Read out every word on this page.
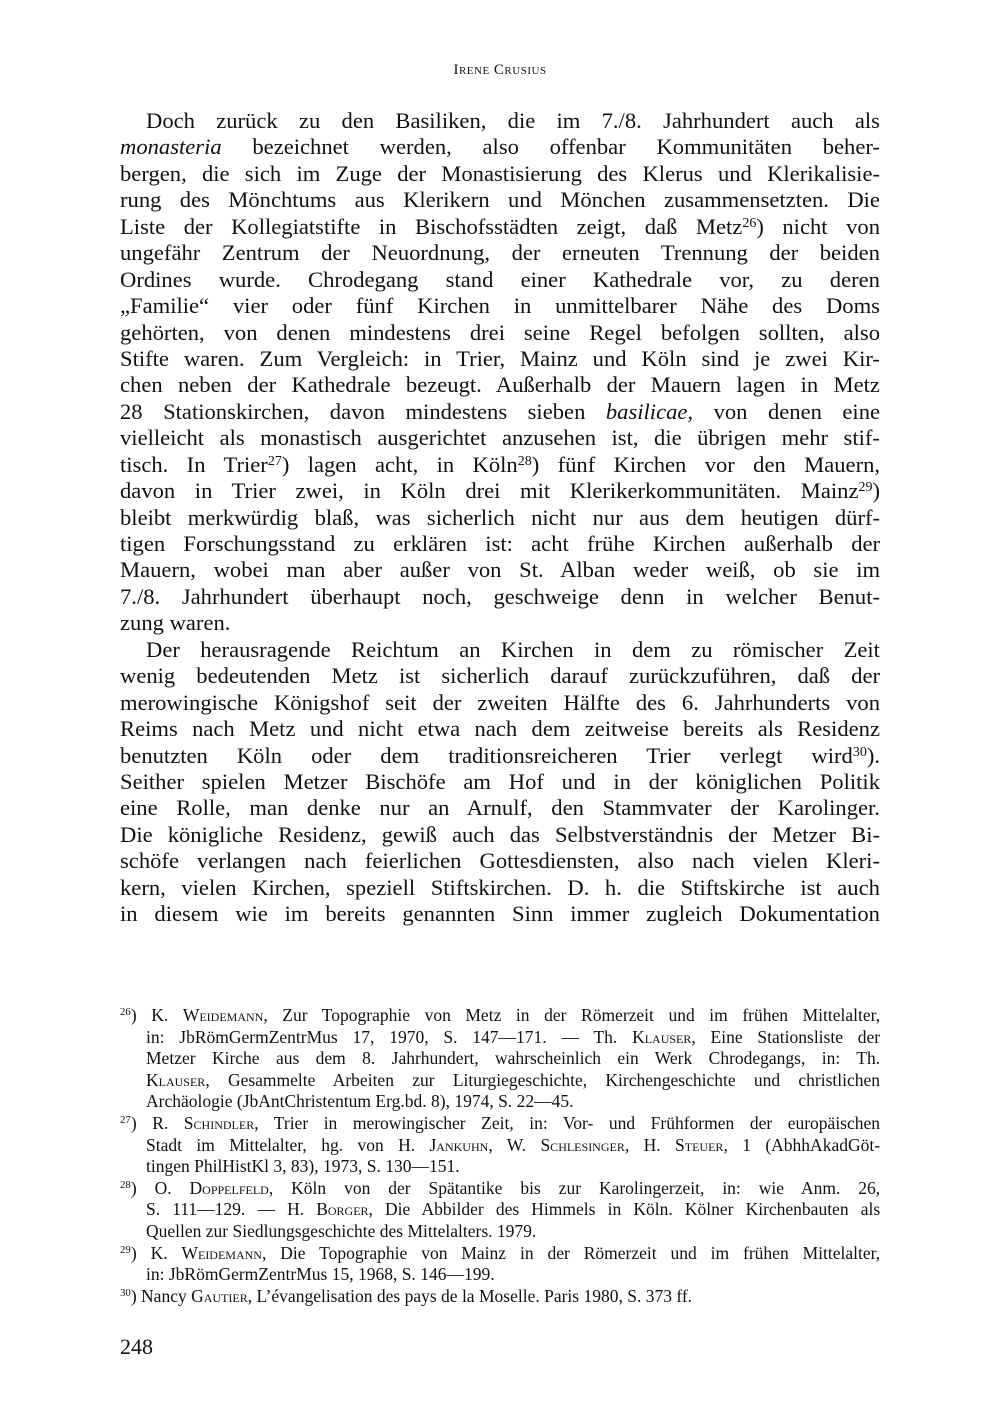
Irene Crusius
Doch zurück zu den Basiliken, die im 7./8. Jahrhundert auch als
monasteria bezeichnet werden, also offenbar Kommunitäten beher-
bergen, die sich im Zuge der Monastisierung des Klerus und Klerikalisie-
rung des Mönchtums aus Klerikern und Mönchen zusammensetzten. Die
Liste der Kollegiatstifte in Bischofsstädten zeigt, daß Metz$^{26}$) nicht von
ungefähr Zentrum der Neuordnung, der erneuten Trennung der beiden
Ordines wurde. Chrodegang stand einer Kathedrale vor, zu deren
„Familie“ vier oder fünf Kirchen in unmittelbarer Nähe des Doms
gehörten, von denen mindestens drei seine Regel befolgen sollten, also
Stifte waren. Zum Vergleich: in Trier, Mainz und Köln sind je zwei Kir-
chen neben der Kathedrale bezeugt. Außerhalb der Mauern lagen in Metz
28 Stationskirchen, davon mindestens sieben basilicae, von denen eine
vielleicht als monastisch ausgerichtet anzusehen ist, die übrigen mehr stif-
tisch. In Trier$^{27}$) lagen acht, in Köln$^{28}$) fünf Kirchen vor den Mauern,
davon in Trier zwei, in Köln drei mit Klerikerkommunitäten. Mainz$^{29}$)
bleibt merkwürdig blaß, was sicherlich nicht nur aus dem heutigen dürf-
tigen Forschungsstand zu erklären ist: acht frühe Kirchen außerhalb der
Mauern, wobei man aber außer von St. Alban weder weiß, ob sie im
7./8. Jahrhundert überhaupt noch, geschweige denn in welcher Benut-
zung waren.
Der herausragende Reichtum an Kirchen in dem zu römischer Zeit
wenig bedeutenden Metz ist sicherlich darauf zurückzuführen, daß der
merowingische Königshof seit der zweiten Hälfte des 6. Jahrhunderts von
Reims nach Metz und nicht etwa nach dem zeitweise bereits als Residenz
benutzten Köln oder dem traditionsreicheren Trier verlegt wird$^{30}$).
Seither spielen Metzer Bischöfe am Hof und in der königlichen Politik
eine Rolle, man denke nur an Arnulf, den Stammvater der Karolinger.
Die königliche Residenz, gewiß auch das Selbstverständnis der Metzer Bi-
schöfe verlangen nach feierlichen Gottesdiensten, also nach vielen Kleri-
kern, vielen Kirchen, speziell Stiftskirchen. D. h. die Stiftskirche ist auch
in diesem wie im bereits genannten Sinn immer zugleich Dokumentation
$^{26}$) K. Weidemann, Zur Topographie von Metz in der Römerzeit und im frühen Mittelalter,
in: JbRömGermZentrMus 17, 1970, S. 147—171. — Th. Klauser, Eine Stationsliste der
Metzer Kirche aus dem 8. Jahrhundert, wahrscheinlich ein Werk Chrodegangs, in: Th.
Klauser, Gesammelte Arbeiten zur Liturgiegeschichte, Kirchengeschichte und christlichen
Archäologie (JbAntChristentum Erg.bd. 8), 1974, S. 22—45.
$^{27}$) R. Schindler, Trier in merowingischer Zeit, in: Vor- und Frühformen der europäischen
Stadt im Mittelalter, hg. von H. Jankuhn, W. Schlesinger, H. Steuer, 1 (AbhhAkadGöt-
tingen PhilHistKl 3, 83), 1973, S. 130—151.
$^{28}$) O. Doppelfeld, Köln von der Spätantike bis zur Karolingerzeit, in: wie Anm. 26,
S. 111—129. — H. Borger, Die Abbilder des Himmels in Köln. Kölner Kirchenbauten als
Quellen zur Siedlungsgeschichte des Mittelalters. 1979.
$^{29}$) K. Weidemann, Die Topographie von Mainz in der Römerzeit und im frühen Mittelalter,
in: JbRömGermZentrMus 15, 1968, S. 146—199.
$^{30}$) Nancy Gautier, L’évangelisation des pays de la Moselle. Paris 1980, S. 373 ff.
248
